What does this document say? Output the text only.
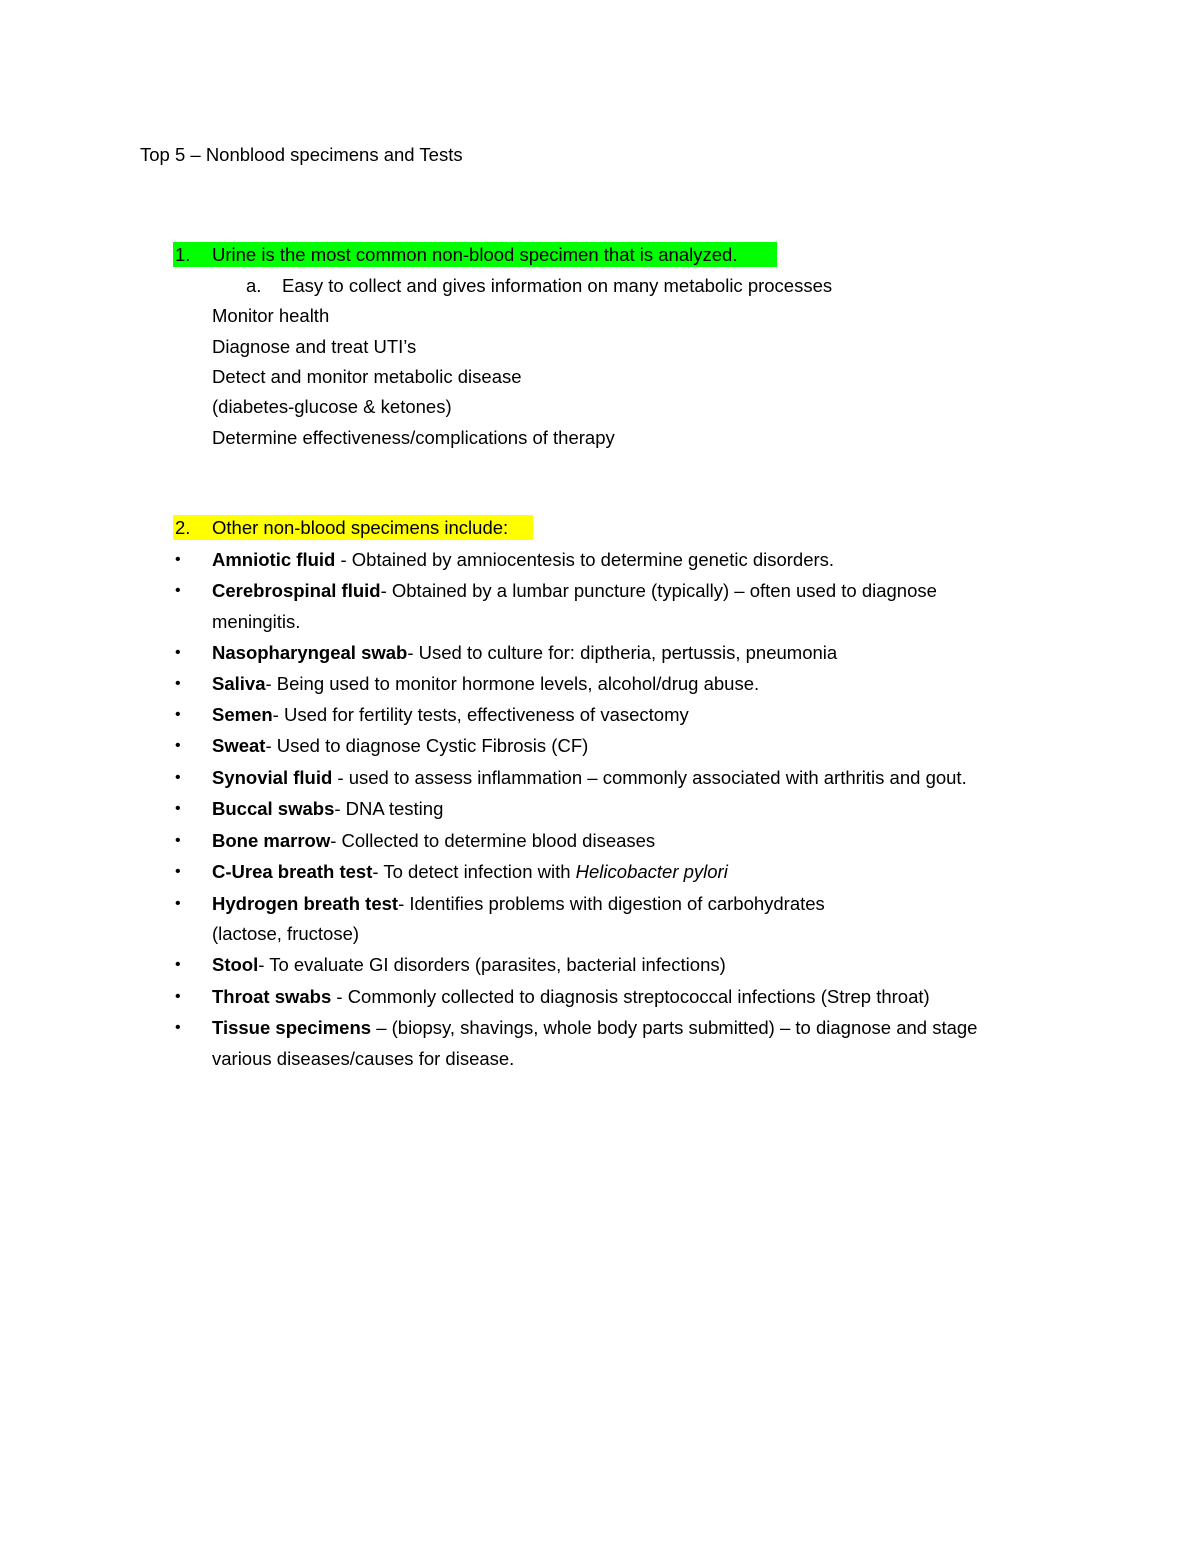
Top 5 – Nonblood specimens and Tests
1. Urine is the most common non-blood specimen that is analyzed.
a. Easy to collect and gives information on many metabolic processes
Monitor health
Diagnose and treat UTI’s
Detect and monitor metabolic disease
(diabetes-glucose & ketones)
Determine effectiveness/complications of therapy
2. Other non-blood specimens include:
• Amniotic fluid - Obtained by amniocentesis to determine genetic disorders.
• Cerebrospinal fluid- Obtained by a lumbar puncture (typically) – often used to diagnose
meningitis.
• Nasopharyngeal swab- Used to culture for: diptheria, pertussis, pneumonia
• Saliva- Being used to monitor hormone levels, alcohol/drug abuse.
• Semen- Used for fertility tests, effectiveness of vasectomy
• Sweat- Used to diagnose Cystic Fibrosis (CF)
• Synovial fluid - used to assess inflammation – commonly associated with arthritis and gout.
• Buccal swabs- DNA testing
• Bone marrow- Collected to determine blood diseases
• C-Urea breath test- To detect infection with Helicobacter pylori
• Hydrogen breath test- Identifies problems with digestion of carbohydrates
(lactose, fructose)
• Stool- To evaluate GI disorders (parasites, bacterial infections)
• Throat swabs - Commonly collected to diagnosis streptococcal infections (Strep throat)
• Tissue specimens – (biopsy, shavings, whole body parts submitted) – to diagnose and stage
various diseases/causes for disease.
